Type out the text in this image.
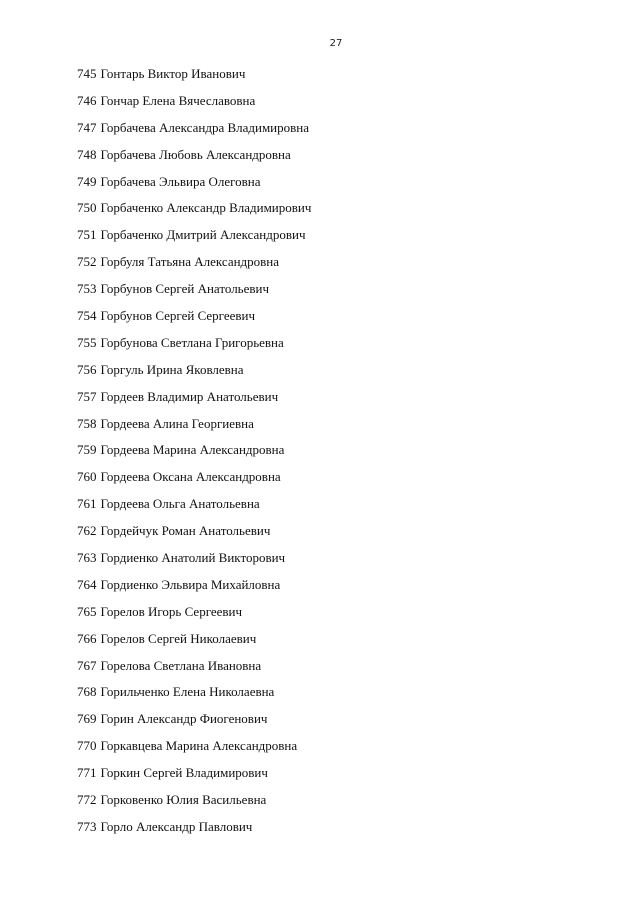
27
745 Гонтарь Виктор Иванович
746 Гончар Елена Вячеславовна
747 Горбачева Александра Владимировна
748 Горбачева Любовь Александровна
749 Горбачева Эльвира Олеговна
750 Горбаченко Александр Владимирович
751 Горбаченко Дмитрий Александрович
752 Горбуля Татьяна Александровна
753 Горбунов Сергей Анатольевич
754 Горбунов Сергей Сергеевич
755 Горбунова Светлана Григорьевна
756 Горгуль Ирина Яковлевна
757 Гордеев Владимир Анатольевич
758 Гордеева Алина Георгиевна
759 Гордеева Марина Александровна
760 Гордеева Оксана Александровна
761 Гордеева Ольга Анатольевна
762 Гордейчук Роман Анатольевич
763 Гордиенко Анатолий Викторович
764 Гордиенко Эльвира Михайловна
765 Горелов Игорь Сергеевич
766 Горелов Сергей Николаевич
767 Горелова Светлана Ивановна
768 Горильченко Елена Николаевна
769 Горин Александр Фиогенович
770 Горкавцева Марина Александровна
771 Горкин Сергей Владимирович
772 Горковенко Юлия Васильевна
773 Горло Александр Павлович
